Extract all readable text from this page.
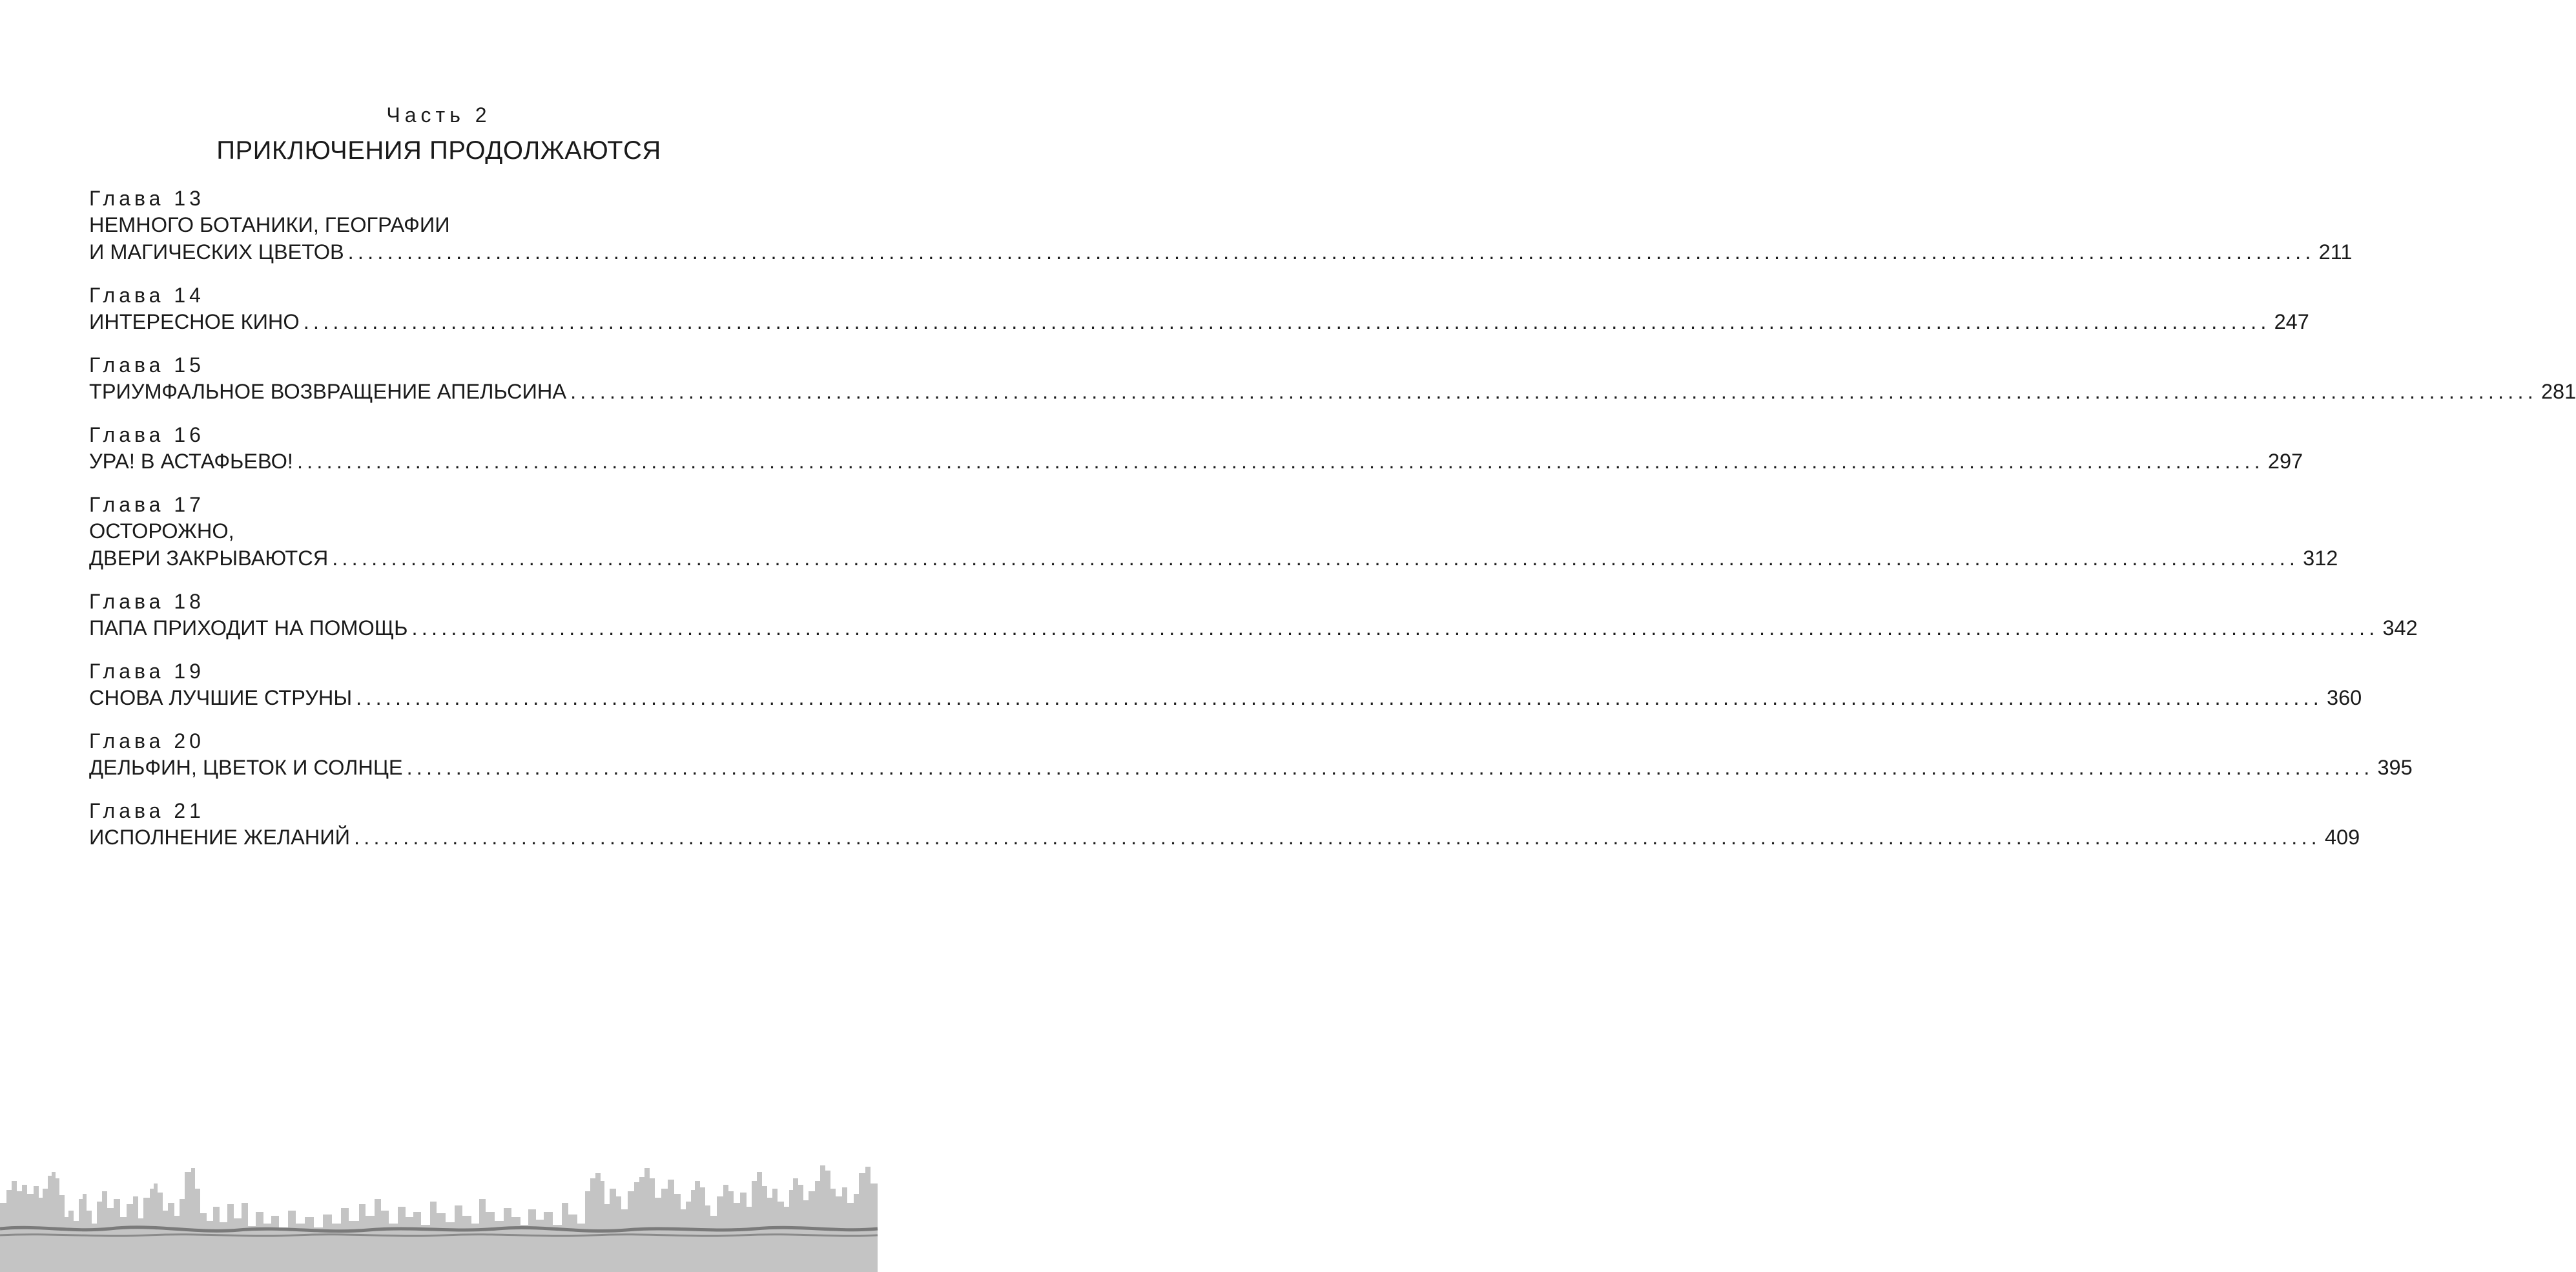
Часть 2
ПРИКЛЮЧЕНИЯ ПРОДОЛЖАЮТСЯ
Глава 13
НЕМНОГО БОТАНИКИ, ГЕОГРАФИИ
И МАГИЧЕСКИХ ЦВЕТОВ ........................................................................................................................................................................................................ 211
Глава 14
ИНТЕРЕСНОЕ КИНО ........................................................................................................................................................................................................ 247
Глава 15
ТРИУМФАЛЬНОЕ ВОЗВРАЩЕНИЕ АПЕЛЬСИНА ........................................................................................................................................................................................................ 281
Глава 16
УРА! В АСТАФЬЕВО! ........................................................................................................................................................................................................ 297
Глава 17
ОСТОРОЖНО,
ДВЕРИ ЗАКРЫВАЮТСЯ ........................................................................................................................................................................................................ 312
Глава 18
ПАПА ПРИХОДИТ НА ПОМОЩЬ ........................................................................................................................................................................................................ 342
Глава 19
СНОВА ЛУЧШИЕ СТРУНЫ ........................................................................................................................................................................................................ 360
Глава 20
ДЕЛЬФИН, ЦВЕТОК И СОЛНЦЕ ........................................................................................................................................................................................................ 395
Глава 21
ИСПОЛНЕНИЕ ЖЕЛАНИЙ ........................................................................................................................................................................................................ 409
